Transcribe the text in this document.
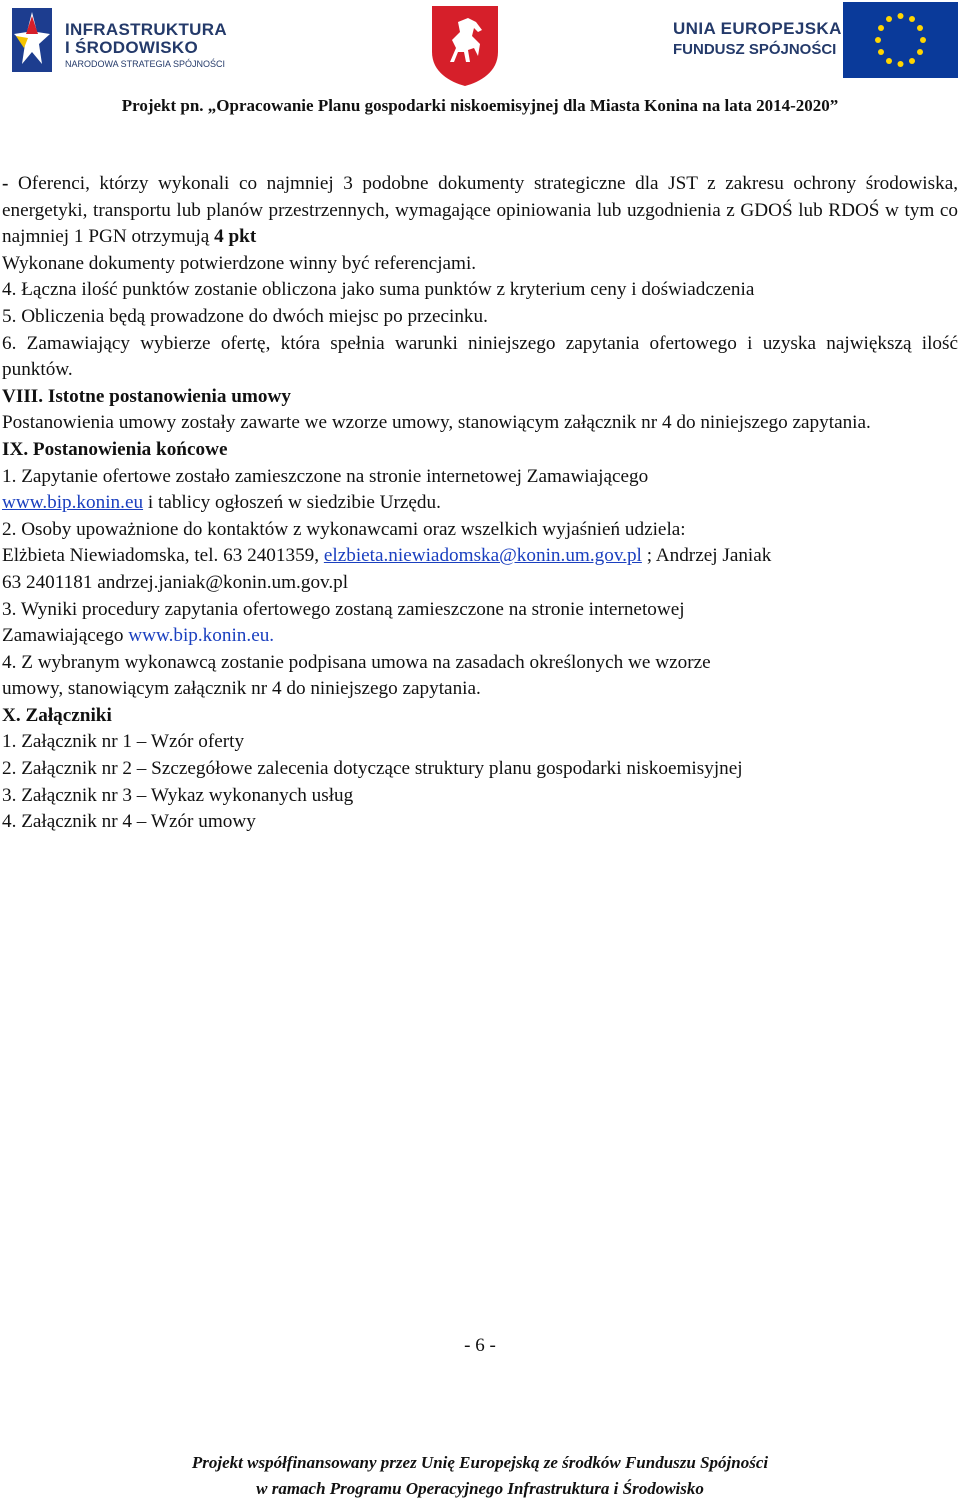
INFRASTRUKTURA
I ŚRODOWISKO
NARODOWA STRATEGIA SPÓJNOŚCI
UNIA EUROPEJSKA
FUNDUSZ SPÓJNOŚCI
Projekt pn. „Opracowanie Planu gospodarki niskoemisyjnej dla Miasta Konina na lata 2014-2020”

- Oferenci, którzy wykonali co najmniej 3 podobne dokumenty strategiczne dla JST z zakresu ochrony środowiska, energetyki, transportu lub planów przestrzennych, wymagające opiniowania lub uzgodnienia z GDOŚ lub RDOŚ w tym co najmniej 1 PGN otrzymują 4 pkt

Wykonane dokumenty potwierdzone winny być referencjami.

4. Łączna ilość punktów zostanie obliczona jako suma punktów z kryterium ceny i doświadczenia

5. Obliczenia będą prowadzone do dwóch miejsc po przecinku.

6. Zamawiający wybierze ofertę, która spełnia warunki niniejszego zapytania ofertowego i uzyska największą ilość punktów.

VIII. Istotne postanowienia umowy

Postanowienia umowy zostały zawarte we wzorze umowy, stanowiącym załącznik nr 4 do niniejszego zapytania.

IX. Postanowienia końcowe

1. Zapytanie ofertowe zostało zamieszczone na stronie internetowej Zamawiającego

www.bip.konin.eu i tablicy ogłoszeń w siedzibie Urzędu.

2. Osoby upoważnione do kontaktów z wykonawcami oraz wszelkich wyjaśnień udziela:

Elżbieta Niewiadomska, tel. 63 2401359, elzbieta.niewiadomska@konin.um.gov.pl ; Andrzej Janiak

63 2401181 andrzej.janiak@konin.um.gov.pl

3. Wyniki procedury zapytania ofertowego zostaną zamieszczone na stronie internetowej

Zamawiającego www.bip.konin.eu.

4. Z wybranym wykonawcą zostanie podpisana umowa na zasadach określonych we wzorze

umowy, stanowiącym załącznik nr 4 do niniejszego zapytania.

X. Załączniki

1. Załącznik nr 1 – Wzór oferty

2. Załącznik nr 2 – Szczegółowe zalecenia dotyczące struktury planu gospodarki niskoemisyjnej

3. Załącznik nr 3 – Wykaz wykonanych usług

4. Załącznik nr 4 – Wzór umowy

- 6 -
Projekt współfinansowany przez Unię Europejską ze środków Funduszu Spójności
w ramach Programu Operacyjnego Infrastruktura i Środowisko
